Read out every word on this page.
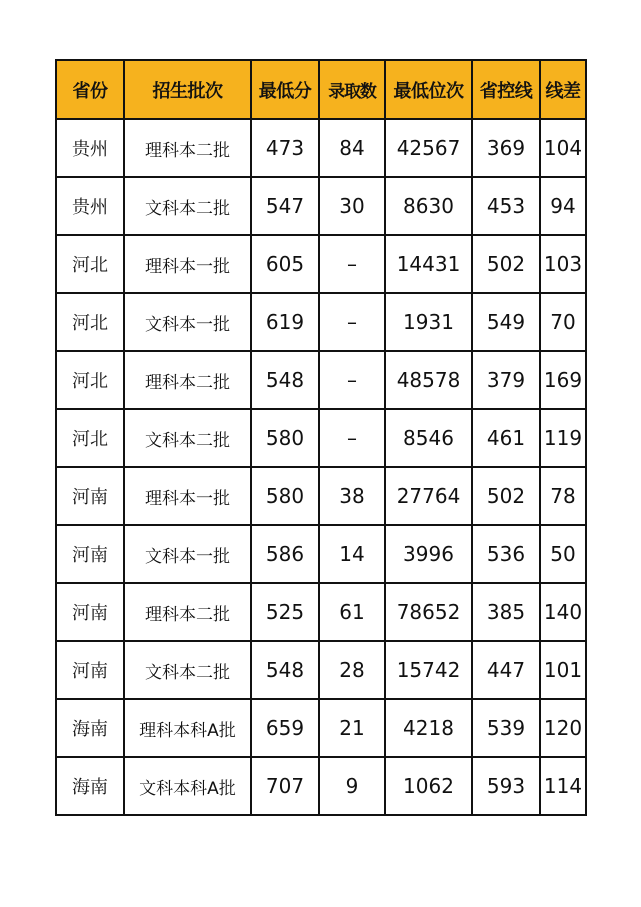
省份	招生批次	最低分	录取数	最低位次	省控线	线差
贵州	理科本二批	473	84	42567	369	104
贵州	文科本二批	547	30	8630	453	94
河北	理科本一批	605	–	14431	502	103
河北	文科本一批	619	–	1931	549	70
河北	理科本二批	548	–	48578	379	169
河北	文科本二批	580	–	8546	461	119
河南	理科本一批	580	38	27764	502	78
河南	文科本一批	586	14	3996	536	50
河南	理科本二批	525	61	78652	385	140
河南	文科本二批	548	28	15742	447	101
海南	理科本科A批	659	21	4218	539	120
海南	文科本科A批	707	9	1062	593	114
